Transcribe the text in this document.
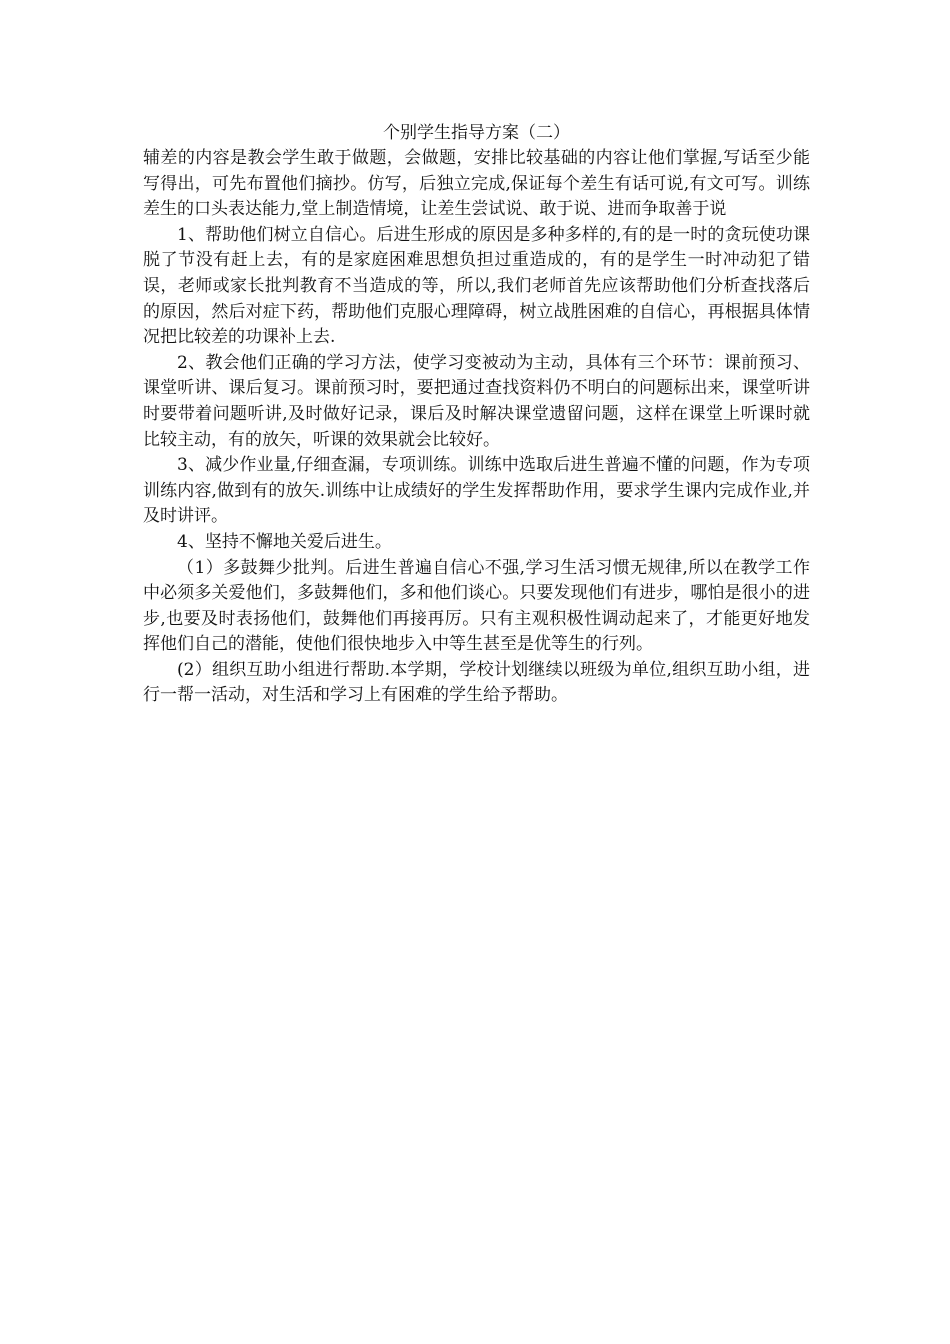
个别学生指导方案（二）

辅差的内容是教会学生敢于做题，会做题，安排比较基础的内容让他们掌握,写话至少能写得出，可先布置他们摘抄。仿写，后独立完成,保证每个差生有话可说,有文可写。训练差生的口头表达能力,堂上制造情境，让差生尝试说、敢于说、进而争取善于说

1、帮助他们树立自信心。后进生形成的原因是多种多样的,有的是一时的贪玩使功课脱了节没有赶上去，有的是家庭困难思想负担过重造成的，有的是学生一时冲动犯了错误，老师或家长批判教育不当造成的等，所以,我们老师首先应该帮助他们分析查找落后的原因，然后对症下药，帮助他们克服心理障碍，树立战胜困难的自信心，再根据具体情况把比较差的功课补上去.

2、教会他们正确的学习方法，使学习变被动为主动，具体有三个环节：课前预习、课堂听讲、课后复习。课前预习时，要把通过查找资料仍不明白的问题标出来，课堂听讲时要带着问题听讲,及时做好记录，课后及时解决课堂遗留问题，这样在课堂上听课时就比较主动，有的放矢，听课的效果就会比较好。

3、减少作业量,仔细查漏，专项训练。训练中选取后进生普遍不懂的问题，作为专项训练内容,做到有的放矢.训练中让成绩好的学生发挥帮助作用，要求学生课内完成作业,并及时讲评。

4、坚持不懈地关爱后进生。

（1）多鼓舞少批判。后进生普遍自信心不强,学习生活习惯无规律,所以在教学工作中必须多关爱他们，多鼓舞他们，多和他们谈心。只要发现他们有进步，哪怕是很小的进步,也要及时表扬他们，鼓舞他们再接再厉。只有主观积极性调动起来了，才能更好地发挥他们自己的潜能，使他们很快地步入中等生甚至是优等生的行列。

(2）组织互助小组进行帮助.本学期，学校计划继续以班级为单位,组织互助小组，进行一帮一活动，对生活和学习上有困难的学生给予帮助。
